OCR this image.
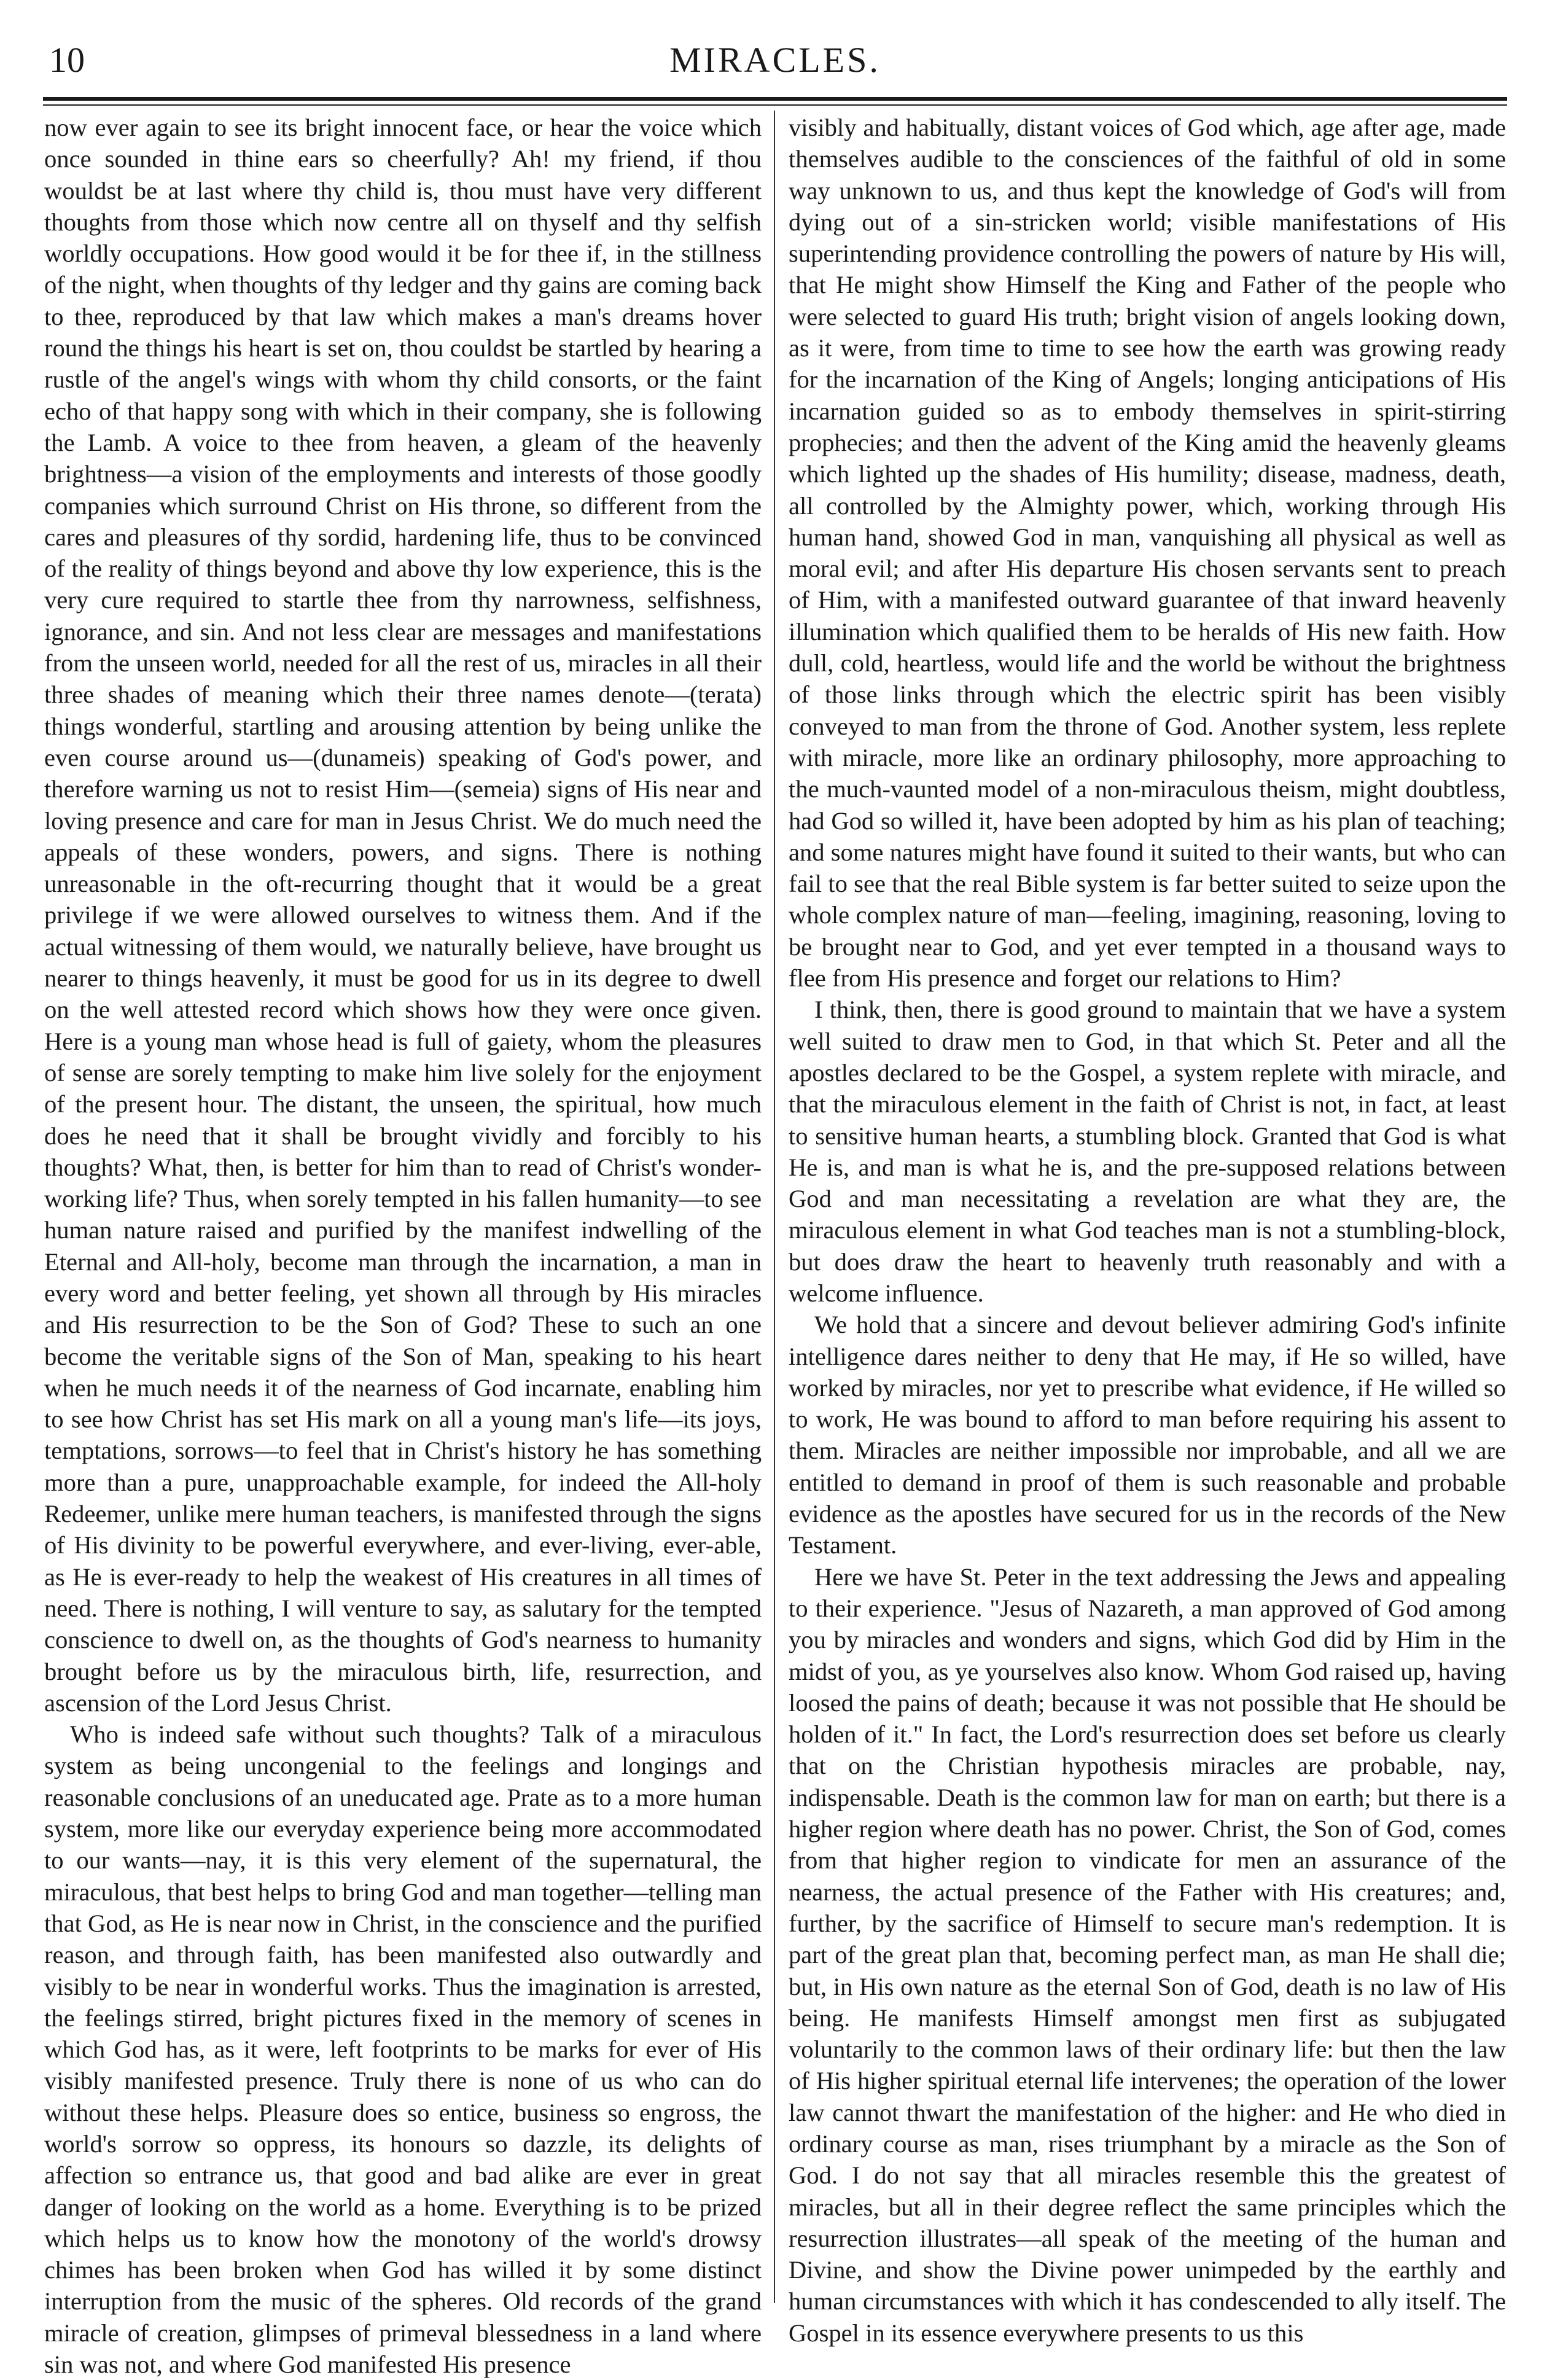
10	MIRACLES.

now ever again to see its bright innocent face, or hear the voice which once sounded in thine ears so cheerfully? Ah! my friend, if thou wouldst be at last where thy child is, thou must have very different thoughts from those which now centre all on thyself and thy selfish worldly occupations. How good would it be for thee if, in the stillness of the night, when thoughts of thy ledger and thy gains are coming back to thee, reproduced by that law which makes a man's dreams hover round the things his heart is set on, thou couldst be startled by hearing a rustle of the angel's wings with whom thy child consorts, or the faint echo of that happy song with which in their company, she is following the Lamb. A voice to thee from heaven, a gleam of the heavenly brightness—a vision of the employments and interests of those goodly companies which surround Christ on His throne, so different from the cares and pleasures of thy sordid, hardening life, thus to be convinced of the reality of things beyond and above thy low experience, this is the very cure required to startle thee from thy narrowness, selfishness, ignorance, and sin. And not less clear are messages and manifestations from the unseen world, needed for all the rest of us, miracles in all their three shades of meaning which their three names denote—(terata) things wonderful, startling and arousing attention by being unlike the even course around us—(dunameis) speaking of God's power, and therefore warning us not to resist Him—(semeia) signs of His near and loving presence and care for man in Jesus Christ. We do much need the appeals of these wonders, powers, and signs. There is nothing unreasonable in the oft-recurring thought that it would be a great privilege if we were allowed ourselves to witness them. And if the actual witnessing of them would, we naturally believe, have brought us nearer to things heavenly, it must be good for us in its degree to dwell on the well attested record which shows how they were once given. Here is a young man whose head is full of gaiety, whom the pleasures of sense are sorely tempting to make him live solely for the enjoyment of the present hour. The distant, the unseen, the spiritual, how much does he need that it shall be brought vividly and forcibly to his thoughts? What, then, is better for him than to read of Christ's wonder-working life? Thus, when sorely tempted in his fallen humanity—to see human nature raised and purified by the manifest indwelling of the Eternal and All-holy, become man through the incarnation, a man in every word and better feeling, yet shown all through by His miracles and His resurrection to be the Son of God? These to such an one become the veritable signs of the Son of Man, speaking to his heart when he much needs it of the nearness of God incarnate, enabling him to see how Christ has set His mark on all a young man's life—its joys, temptations, sorrows—to feel that in Christ's history he has something more than a pure, unapproachable example, for indeed the All-holy Redeemer, unlike mere human teachers, is manifested through the signs of His divinity to be powerful everywhere, and ever-living, ever-able, as He is ever-ready to help the weakest of His creatures in all times of need. There is nothing, I will venture to say, as salutary for the tempted conscience to dwell on, as the thoughts of God's nearness to humanity brought before us by the miraculous birth, life, resurrection, and ascension of the Lord Jesus Christ.

Who is indeed safe without such thoughts? Talk of a miraculous system as being uncongenial to the feelings and longings and reasonable conclusions of an uneducated age. Prate as to a more human system, more like our everyday experience being more accommodated to our wants—nay, it is this very element of the supernatural, the miraculous, that best helps to bring God and man together—telling man that God, as He is near now in Christ, in the conscience and the purified reason, and through faith, has been manifested also outwardly and visibly to be near in wonderful works. Thus the imagination is arrested, the feelings stirred, bright pictures fixed in the memory of scenes in which God has, as it were, left footprints to be marks for ever of His visibly manifested presence. Truly there is none of us who can do without these helps. Pleasure does so entice, business so engross, the world's sorrow so oppress, its honours so dazzle, its delights of affection so entrance us, that good and bad alike are ever in great danger of looking on the world as a home. Everything is to be prized which helps us to know how the monotony of the world's drowsy chimes has been broken when God has willed it by some distinct interruption from the music of the spheres. Old records of the grand miracle of creation, glimpses of primeval blessedness in a land where sin was not, and where God manifested His presence

visibly and habitually, distant voices of God which, age after age, made themselves audible to the consciences of the faithful of old in some way unknown to us, and thus kept the knowledge of God's will from dying out of a sin-stricken world; visible manifestations of His superintending providence controlling the powers of nature by His will, that He might show Himself the King and Father of the people who were selected to guard His truth; bright vision of angels looking down, as it were, from time to time to see how the earth was growing ready for the incarnation of the King of Angels; longing anticipations of His incarnation guided so as to embody themselves in spirit-stirring prophecies; and then the advent of the King amid the heavenly gleams which lighted up the shades of His humility; disease, madness, death, all controlled by the Almighty power, which, working through His human hand, showed God in man, vanquishing all physical as well as moral evil; and after His departure His chosen servants sent to preach of Him, with a manifested outward guarantee of that inward heavenly illumination which qualified them to be heralds of His new faith. How dull, cold, heartless, would life and the world be without the brightness of those links through which the electric spirit has been visibly conveyed to man from the throne of God. Another system, less replete with miracle, more like an ordinary philosophy, more approaching to the much-vaunted model of a non-miraculous theism, might doubtless, had God so willed it, have been adopted by him as his plan of teaching; and some natures might have found it suited to their wants, but who can fail to see that the real Bible system is far better suited to seize upon the whole complex nature of man—feeling, imagining, reasoning, loving to be brought near to God, and yet ever tempted in a thousand ways to flee from His presence and forget our relations to Him?

I think, then, there is good ground to maintain that we have a system well suited to draw men to God, in that which St. Peter and all the apostles declared to be the Gospel, a system replete with miracle, and that the miraculous element in the faith of Christ is not, in fact, at least to sensitive human hearts, a stumbling block. Granted that God is what He is, and man is what he is, and the pre-supposed relations between God and man necessitating a revelation are what they are, the miraculous element in what God teaches man is not a stumbling-block, but does draw the heart to heavenly truth reasonably and with a welcome influence.

We hold that a sincere and devout believer admiring God's infinite intelligence dares neither to deny that He may, if He so willed, have worked by miracles, nor yet to prescribe what evidence, if He willed so to work, He was bound to afford to man before requiring his assent to them. Miracles are neither impossible nor improbable, and all we are entitled to demand in proof of them is such reasonable and probable evidence as the apostles have secured for us in the records of the New Testament.

Here we have St. Peter in the text addressing the Jews and appealing to their experience. "Jesus of Nazareth, a man approved of God among you by miracles and wonders and signs, which God did by Him in the midst of you, as ye yourselves also know. Whom God raised up, having loosed the pains of death; because it was not possible that He should be holden of it." In fact, the Lord's resurrection does set before us clearly that on the Christian hypothesis miracles are probable, nay, indispensable. Death is the common law for man on earth; but there is a higher region where death has no power. Christ, the Son of God, comes from that higher region to vindicate for men an assurance of the nearness, the actual presence of the Father with His creatures; and, further, by the sacrifice of Himself to secure man's redemption. It is part of the great plan that, becoming perfect man, as man He shall die; but, in His own nature as the eternal Son of God, death is no law of His being. He manifests Himself amongst men first as subjugated voluntarily to the common laws of their ordinary life: but then the law of His higher spiritual eternal life intervenes; the operation of the lower law cannot thwart the manifestation of the higher: and He who died in ordinary course as man, rises triumphant by a miracle as the Son of God. I do not say that all miracles resemble this the greatest of miracles, but all in their degree reflect the same principles which the resurrection illustrates—all speak of the meeting of the human and Divine, and show the Divine power unimpeded by the earthly and human circumstances with which it has condescended to ally itself. The Gospel in its essence everywhere presents to us this
